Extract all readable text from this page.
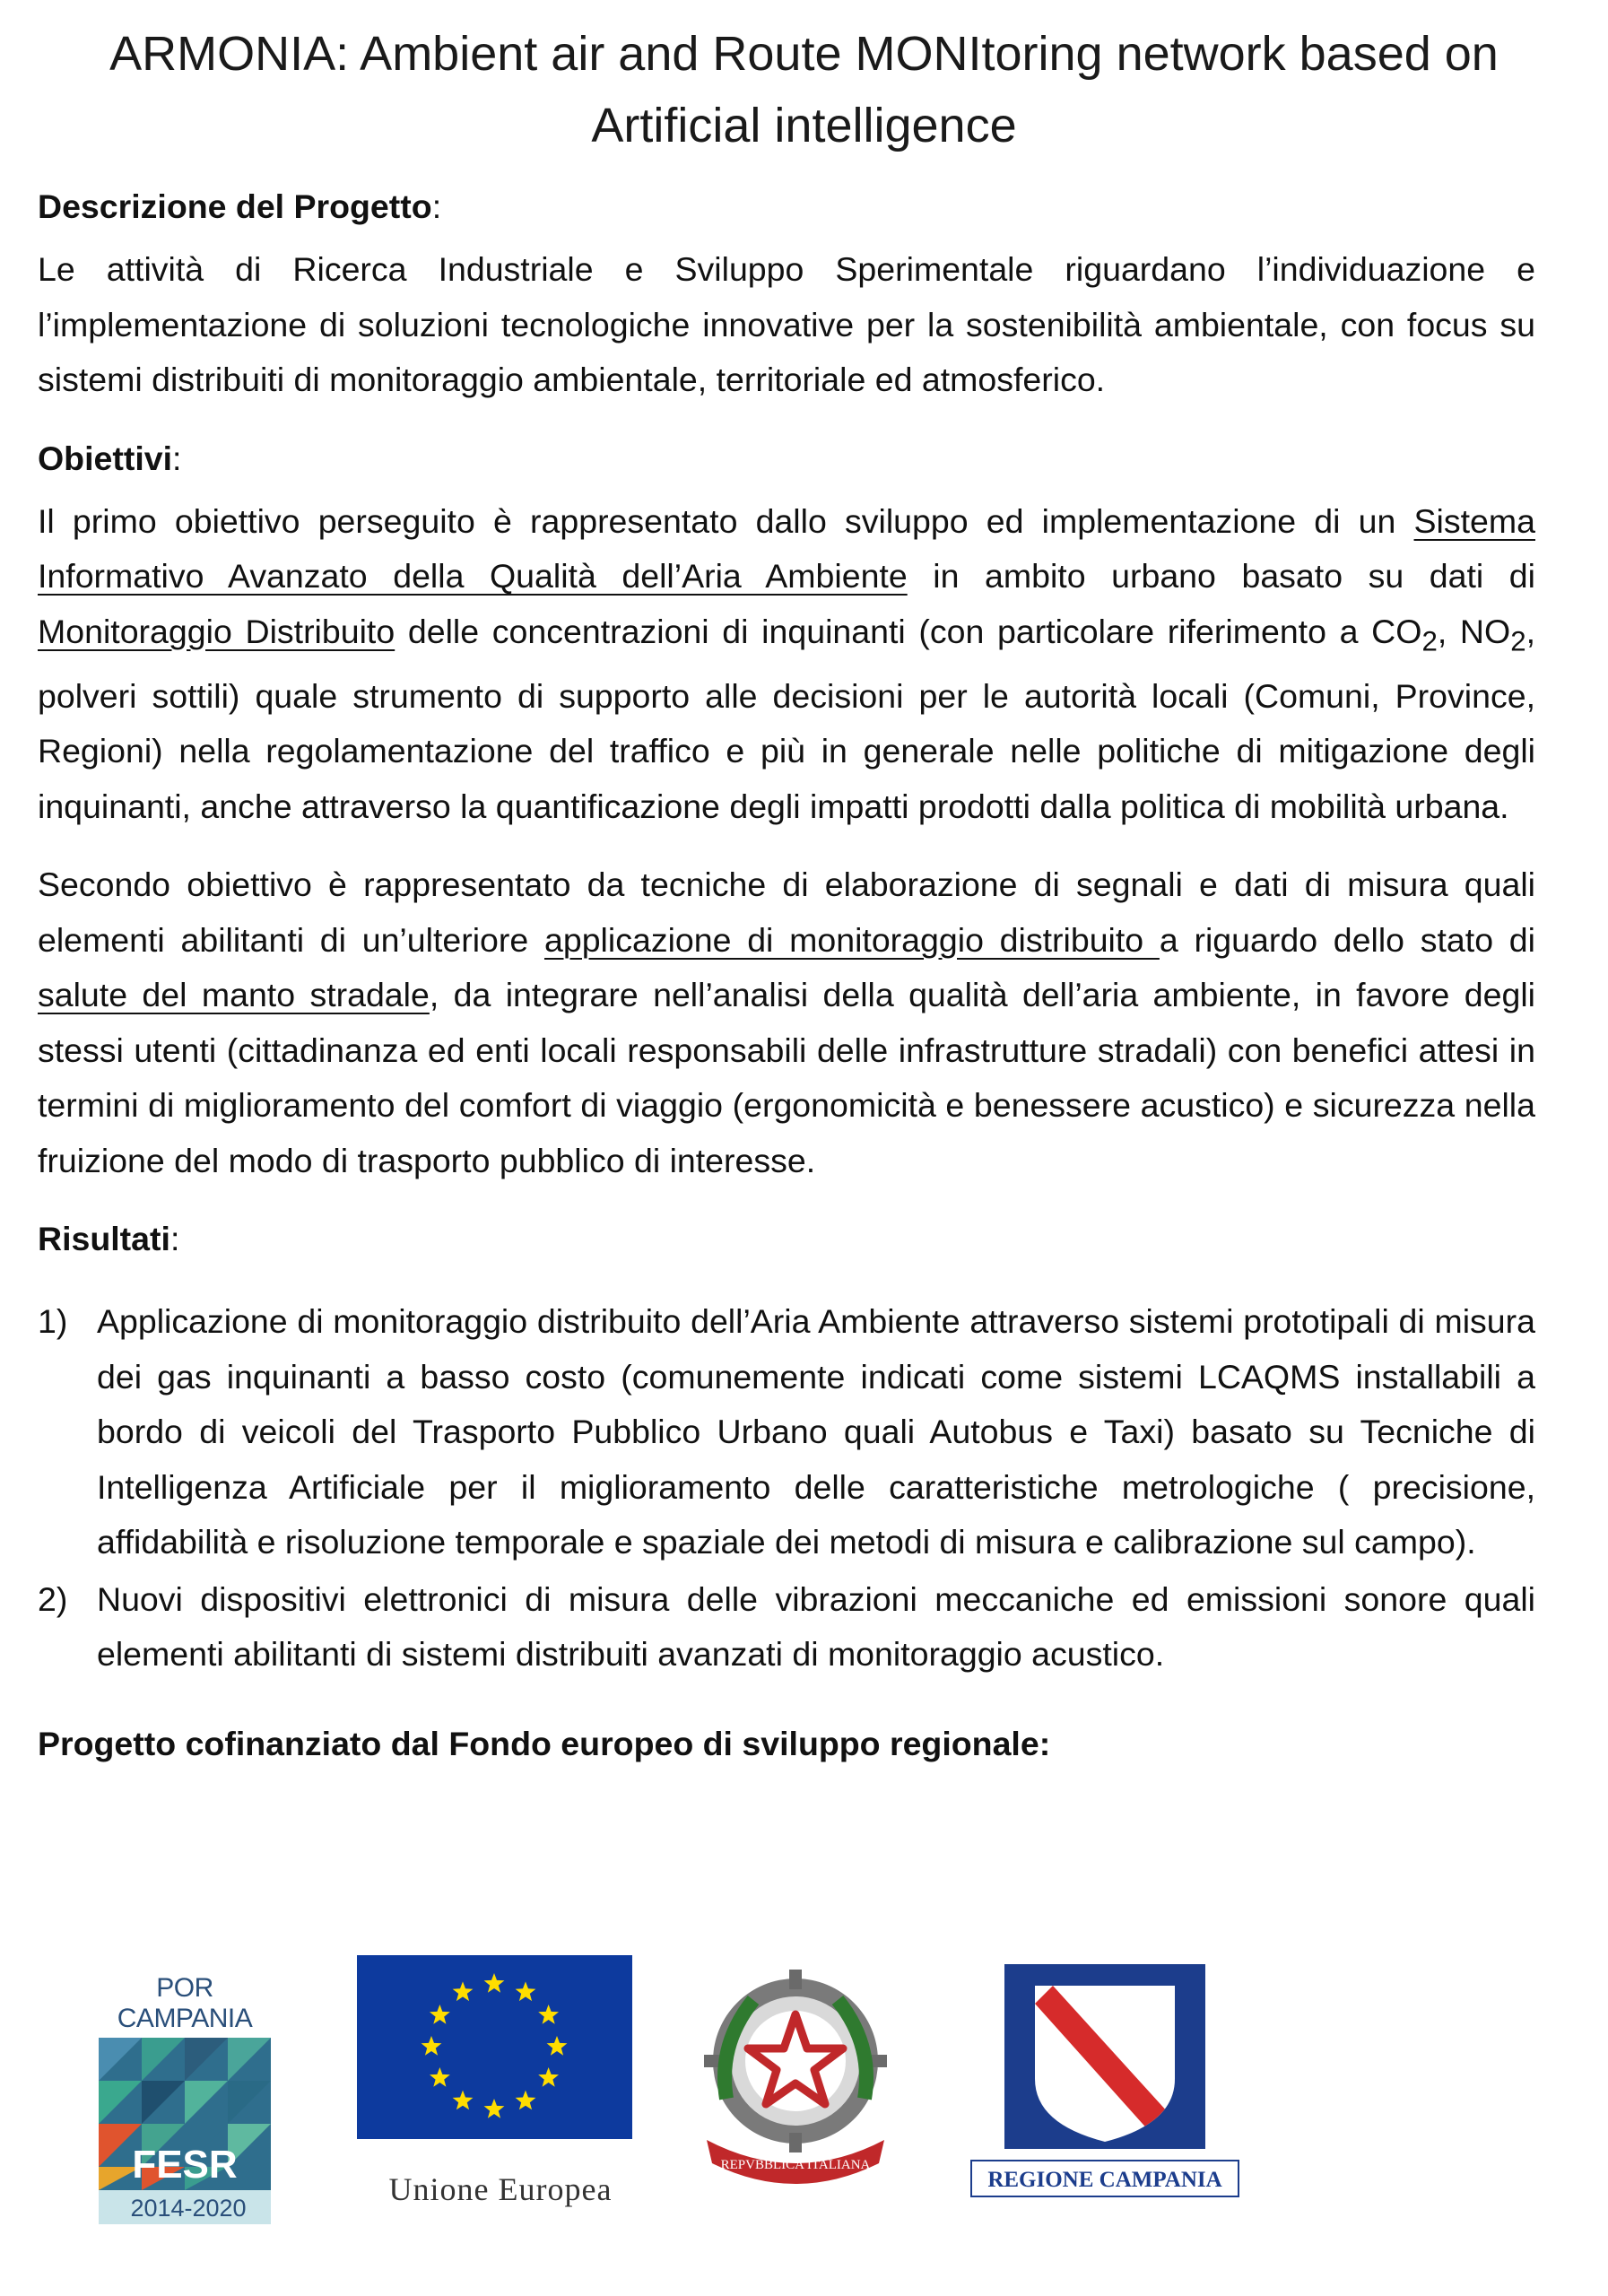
ARMONIA: Ambient air and Route MONItoring network based on Artificial intelligence

Descrizione del Progetto:

Le attività di Ricerca Industriale e Sviluppo Sperimentale riguardano l’individuazione e l’implementazione di soluzioni tecnologiche innovative per la sostenibilità ambientale, con focus su sistemi distribuiti di monitoraggio ambientale, territoriale ed atmosferico.

Obiettivi:

Il primo obiettivo perseguito è rappresentato dallo sviluppo ed implementazione di un Sistema Informativo Avanzato della Qualità dell’Aria Ambiente in ambito urbano basato su dati di Monitoraggio Distribuito delle concentrazioni di inquinanti (con particolare riferimento a $CO_2$, $NO_2$, polveri sottili) quale strumento di supporto alle decisioni per le autorità locali (Comuni, Province, Regioni) nella regolamentazione del traffico e più in generale nelle politiche di mitigazione degli inquinanti, anche attraverso la quantificazione degli impatti prodotti dalla politica di mobilità urbana.

Secondo obiettivo è rappresentato da tecniche di elaborazione di segnali e dati di misura quali elementi abilitanti di un’ulteriore applicazione di monitoraggio distribuito a riguardo dello stato di salute del manto stradale, da integrare nell’analisi della qualità dell’aria ambiente, in favore degli stessi utenti (cittadinanza ed enti locali responsabili delle infrastrutture stradali) con benefici attesi in termini di miglioramento del comfort di viaggio (ergonomicità e benessere acustico) e sicurezza nella fruizione del modo di trasporto pubblico di interesse.

Risultati:

1) Applicazione di monitoraggio distribuito dell’Aria Ambiente attraverso sistemi prototipali di misura dei gas inquinanti a basso costo (comunemente indicati come sistemi LCAQMS installabili a bordo di veicoli del Trasporto Pubblico Urbano quali Autobus e Taxi) basato su Tecniche di Intelligenza Artificiale per il miglioramento delle caratteristiche metrologiche ( precisione, affidabilità e risoluzione temporale e spaziale dei metodi di misura e calibrazione sul campo).
2) Nuovi dispositivi elettronici di misura delle vibrazioni meccaniche ed emissioni sonore quali elementi abilitanti di sistemi distribuiti avanzati di monitoraggio acustico.

Progetto cofinanziato dal Fondo europeo di sviluppo regionale:

POR CAMPANIA
FESR
2014-2020
Unione Europea
REPVBBLICA ITALIANA
REGIONE CAMPANIA
